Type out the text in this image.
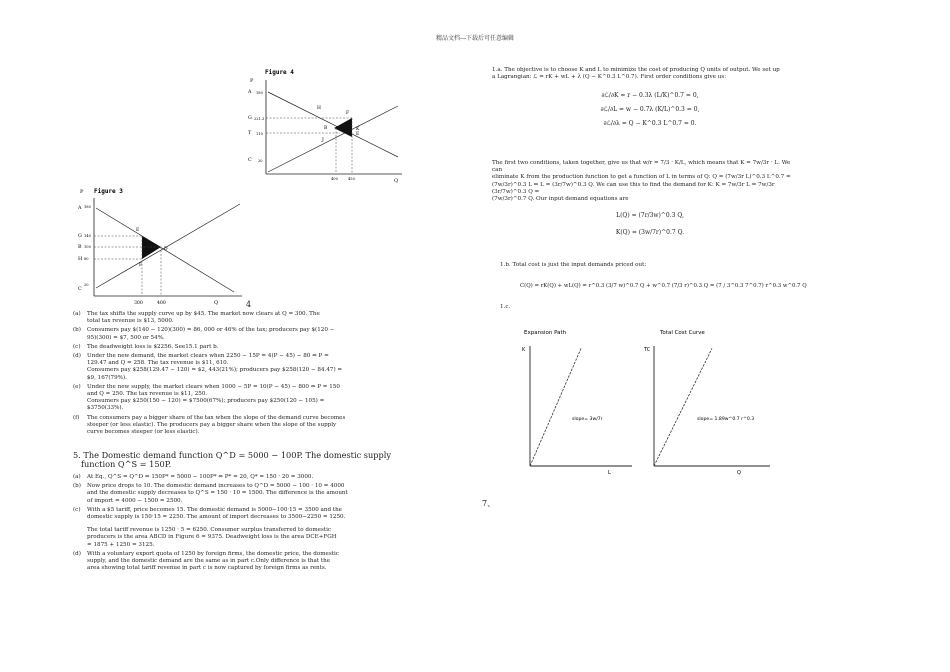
精品文档---下载后可任意编辑
Figure 4
P
Q
A
G
T
C
H
F
B
E
J
K
180
221.3
110
20
400	450
P Figure 3
Q
A
G
B
H
C
E
D
F
180
140
100
80
20
300	400	4
(a) The tax shifts the supply curve up by $45. The market now clears at Q = 300. The
total tax revenue is $13, 5000.
(b) Consumers pay $(140 − 120)(300) = 86, 000 or 46% of the tax; producers pay $(120 −
95)(300) = $7, 500 or 54%.
(c) The deadweight loss is $2256. See15.1 part b.
(d) Under the new demand, the market clears when 2250 − 15P = 4(P − 45) − 80 ⇔ P =
129.47 and Q = 258. The tax revenue is $11, 610.
Consumers pay $258(129.47 − 120) = $2, 443(21%); producers pay $258(120 − 84.47) =
$9, 167(79%).
(e) Under the new supply, the market clears when 1000 − 5P = 10(P − 45) − 800 ⇔ P = 150
and Q = 250. The tax revenue is $11, 250.
Consumers pay $250(150 − 120) = $7500(67%); producers pay $250(120 − 105) =
$3750(33%).
(f) The consumers pay a bigger share of the tax when the slope of the demand curve becomes
steeper (or less elastic). The producers pay a bigger share when the slope of the supply
curve becomes steeper (or less elastic).
5. The Domestic demand function Q^D = 5000 − 100P. The domestic supply
function Q^S = 150P.
(a) At Eq., Q^S = Q^D ⇔ 150P* = 5000 − 100P* ⇔ P* = 20, Q* = 150 · 20 = 3000.
(b) Now price drops to 10. The domestic demand increases to Q^D = 5000 − 100 · 10 = 4000
and the domestic supply decreases to Q^S = 150 · 10 = 1500. The difference is the amount
of import = 4000 − 1500 = 2500.
(c) With a $5 tariff, price becomes 15. The domestic demand is 5000−100·15 = 3500 and the
domestic supply is 150·15 = 2250. The amount of import decreases to 3500−2250 = 1250.
The total tariff revenue is 1250 · 5 = 6250. Consumer surplus transferred to domestic
producers is the area ABCD in Figure 6 = 9375. Deadweight loss is the area DCE+FGH
= 1875 + 1250 = 3125.
(d) With a voluntary export quota of 1250 by foreign firms, the domestic price, the domestic
supply, and the domestic demand are the same as in part c.Only difference is that the
area showing total tariff revenue in part c is now captured by foreign firms as rents.
1.a. The objective is to choose K and L to minimize the cost of producing Q units of output. We set up
a Lagrangian: ℒ = rK + wL + λ (Q − K^0.3 L^0.7). First order conditions give us:
∂ℒ/∂K = r − 0.3λ (L/K)^0.7 = 0,
∂ℒ/∂L = w − 0.7λ (K/L)^0.3 = 0,
∂ℒ/∂λ = Q − K^0.3 L^0.7 = 0.
The first two conditions, taken together, give us that w/r = 7/3 · K/L, which means that K = 7w/3r · L. We can
eliminate K from the production function to get a function of L in terms of Q: Q = (7w/3r L)^0.3 L^0.7 =
(7w/3r)^0.3 L ⇔ L = (3r/7w)^0.3 Q. We can use this to find the demand for K: K = 7w/3r L = 7w/3r (3r/7w)^0.3 Q =
(7w/3r)^0.7 Q. Our input demand equations are
L(Q) = (7r/3w)^0.3 Q,
K(Q) = (3w/7r)^0.7 Q.
1.b. Total cost is just the input demands priced out:
C(Q) = rK(Q) + wL(Q) = r^0.3 (3/7 w)^0.7 Q + w^0.7 (7/3 r)^0.3 Q = (7 / 3^0.3 7^0.7) r^0.3 w^0.7 Q
1.c.
Expansion Path
K
slope= 3w/7r
L
Total Cost Curve
TC
slope= 1.89w^0.7 r^0.3
Q
7、
